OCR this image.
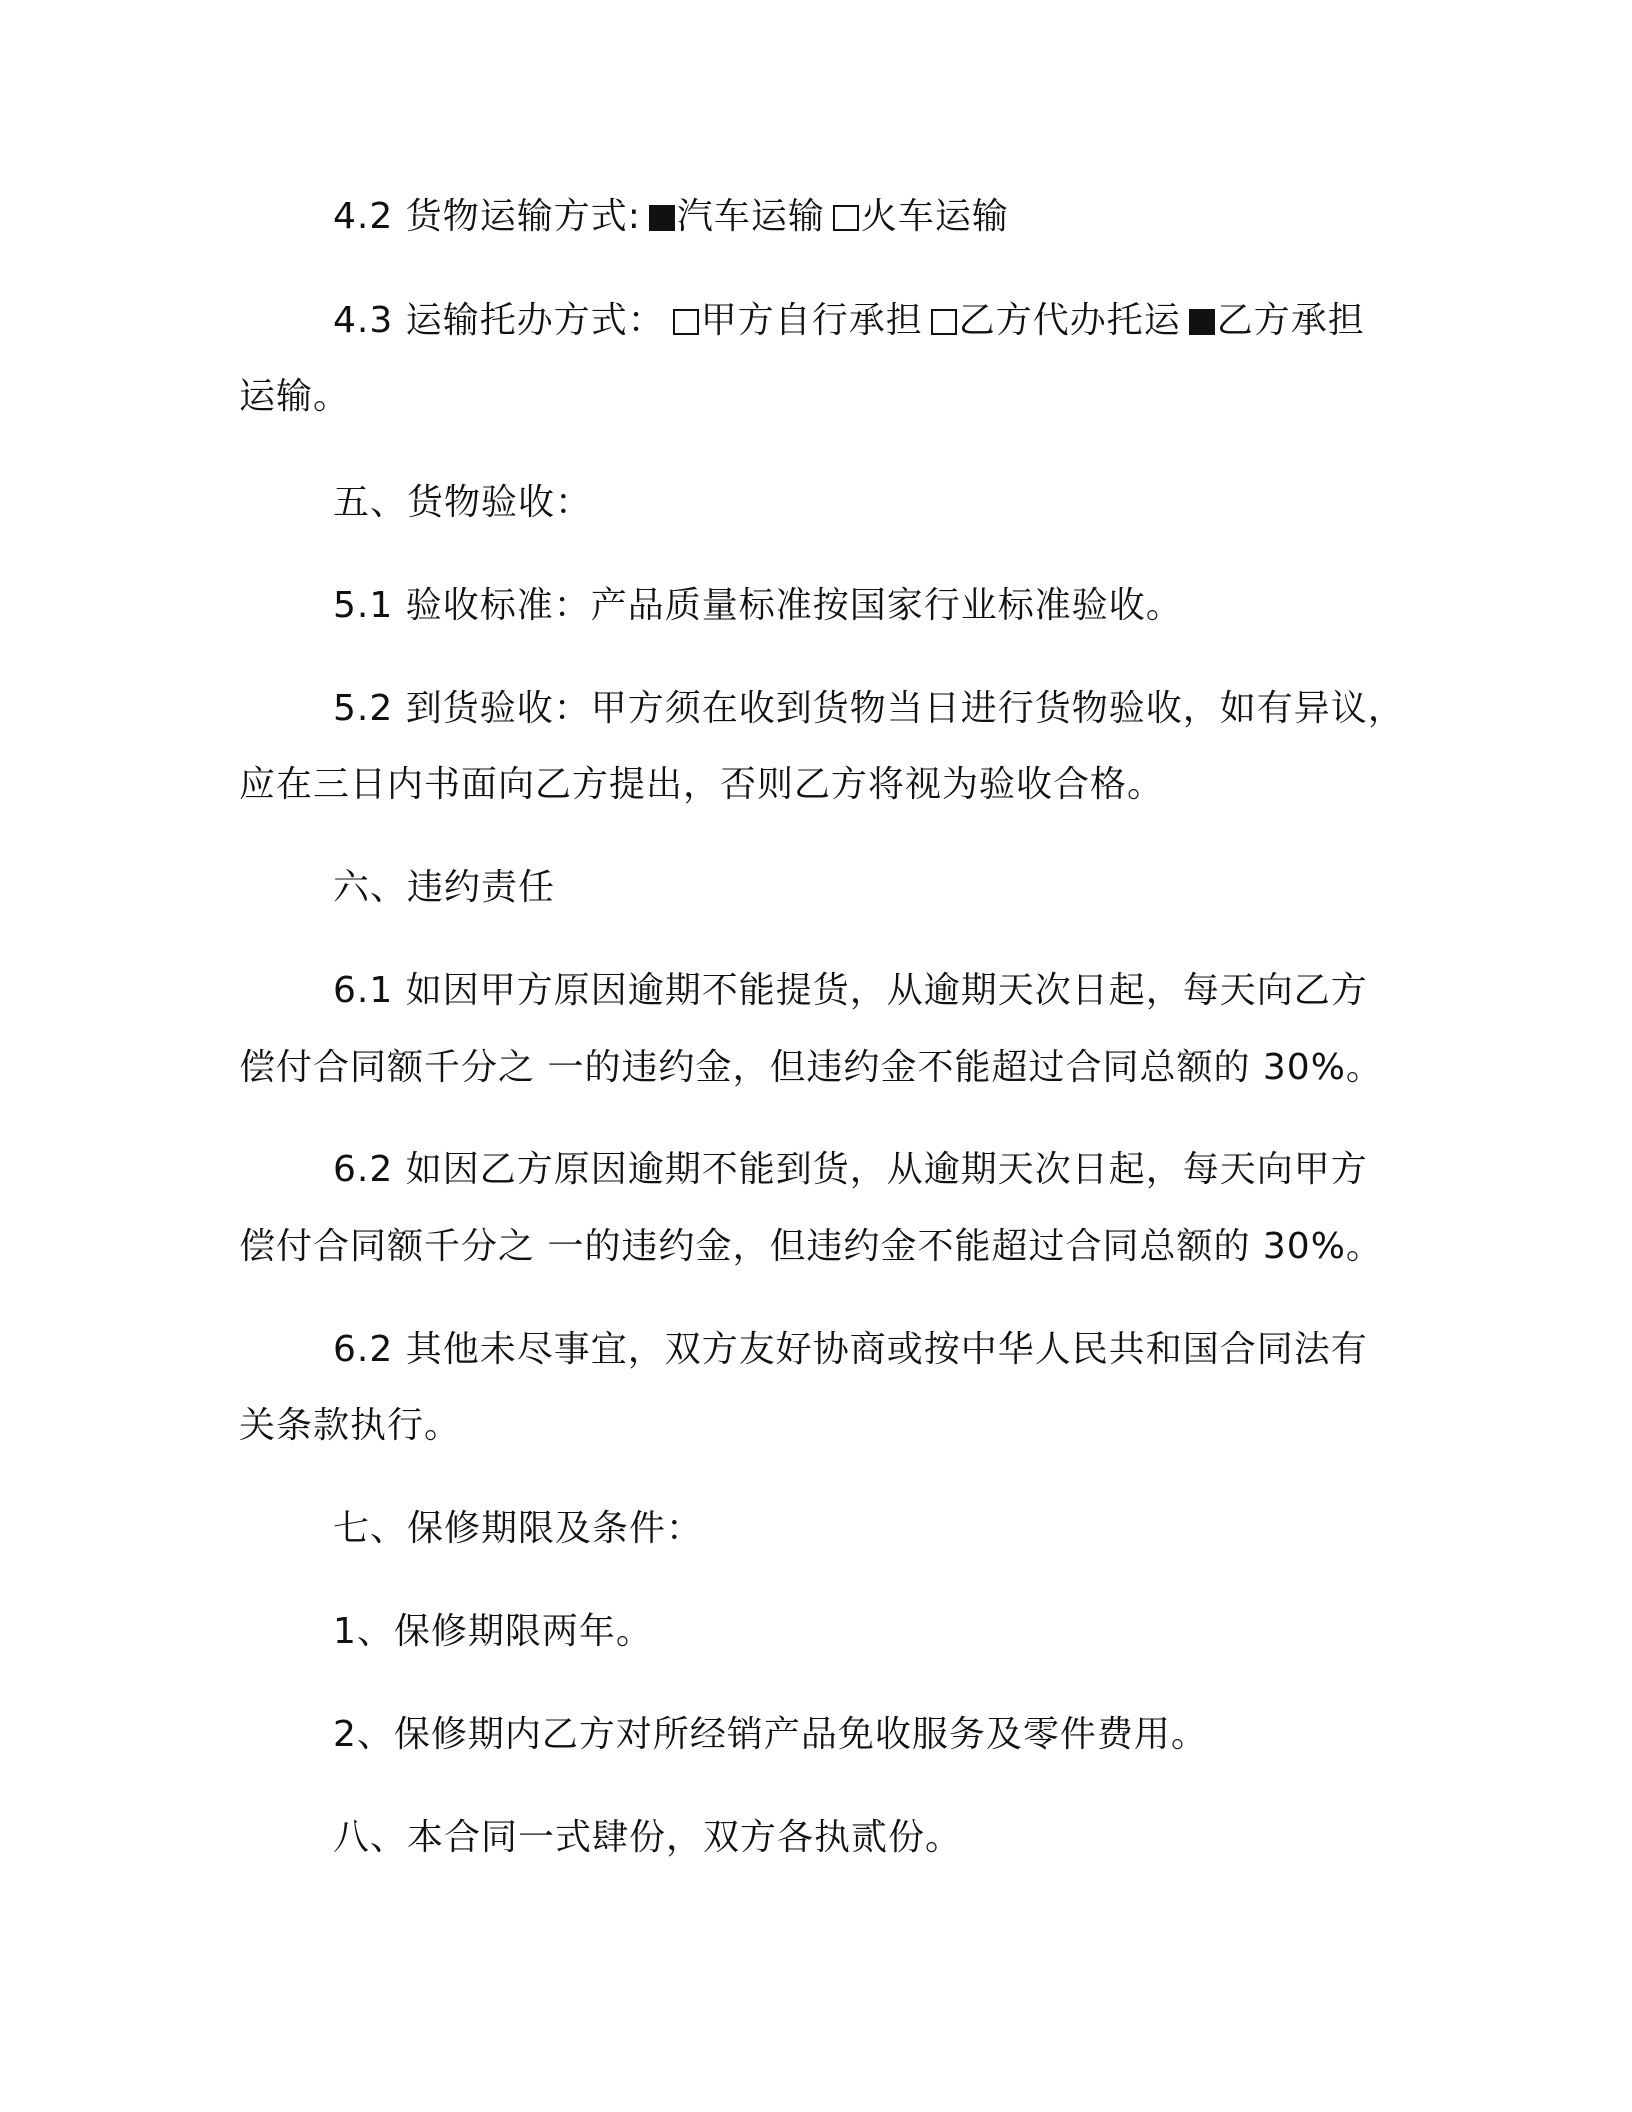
4.2 货物运输方式: 汽车运输 火车运输
4.3 运输托办方式： 甲方自行承担 乙方代办托运 乙方承担
运输。
五、货物验收：
5.1 验收标准：产品质量标准按国家行业标准验收。
5.2 到货验收：甲方须在收到货物当日进行货物验收，如有异议，
应在三日内书面向乙方提出，否则乙方将视为验收合格。
六、违约责任
6.1 如因甲方原因逾期不能提货，从逾期天次日起，每天向乙方
偿付合同额千分之 一的违约金，但违约金不能超过合同总额的 30%。
6.2 如因乙方原因逾期不能到货，从逾期天次日起，每天向甲方
偿付合同额千分之 一的违约金，但违约金不能超过合同总额的 30%。
6.2 其他未尽事宜，双方友好协商或按中华人民共和国合同法有
关条款执行。
七、保修期限及条件：
1、保修期限两年。
2、保修期内乙方对所经销产品免收服务及零件费用。
八、本合同一式肆份，双方各执贰份。
